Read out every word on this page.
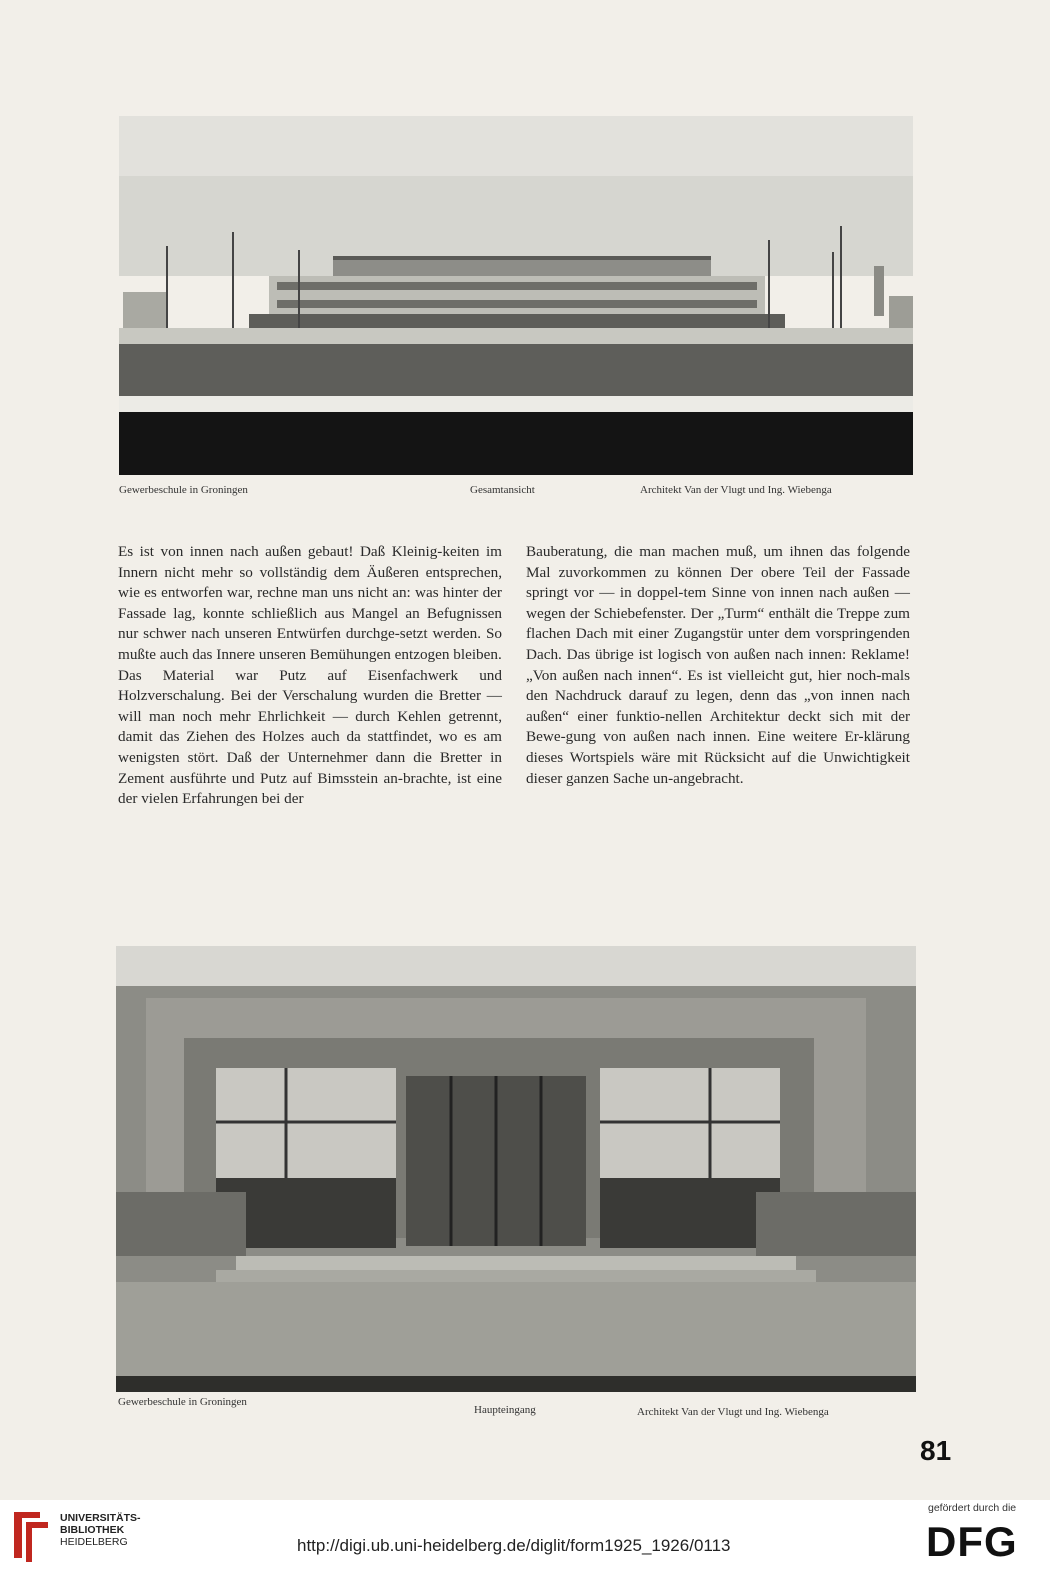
Gewerbeschule in Groningen	Gesamtansicht	Architekt Van der Vlugt und Ing. Wiebenga

Es ist von innen nach außen gebaut! Daß Kleinig-keiten im Innern nicht mehr so vollständig dem Äußeren entsprechen, wie es entworfen war, rechne man uns nicht an: was hinter der Fassade lag, konnte schließlich aus Mangel an Befugnissen nur schwer nach unseren Entwürfen durchge-setzt werden. So mußte auch das Innere unseren Bemühungen entzogen bleiben.

Das Material war Putz auf Eisenfachwerk und Holzverschalung. Bei der Verschalung wurden die Bretter — will man noch mehr Ehrlichkeit — durch Kehlen getrennt, damit das Ziehen des Holzes auch da stattfindet, wo es am wenigsten stört. Daß der Unternehmer dann die Bretter in Zement ausführte und Putz auf Bimsstein an-brachte, ist eine der vielen Erfahrungen bei der

Bauberatung, die man machen muß, um ihnen das folgende Mal zuvorkommen zu können Der obere Teil der Fassade springt vor — in doppel-tem Sinne von innen nach außen — wegen der Schiebefenster. Der „Turm“ enthält die Treppe zum flachen Dach mit einer Zugangstür unter dem vorspringenden Dach. Das übrige ist logisch von außen nach innen: Reklame! „Von außen nach innen“. Es ist vielleicht gut, hier noch-mals den Nachdruck darauf zu legen, denn das „von innen nach außen“ einer funktio-nellen Architektur deckt sich mit der Bewe-gung von außen nach innen. Eine weitere Er-klärung dieses Wortspiels wäre mit Rücksicht auf die Unwichtigkeit dieser ganzen Sache un-angebracht.

Gewerbeschule in Groningen
Haupteingang	Architekt Van der Vlugt und Ing. Wiebenga
81
UNIVERSITÄTS-
BIBLIOTHEK
HEIDELBERG	http://digi.ub.uni-heidelberg.de/diglit/form1925_1926/0113
gefördert durch die
DFG
